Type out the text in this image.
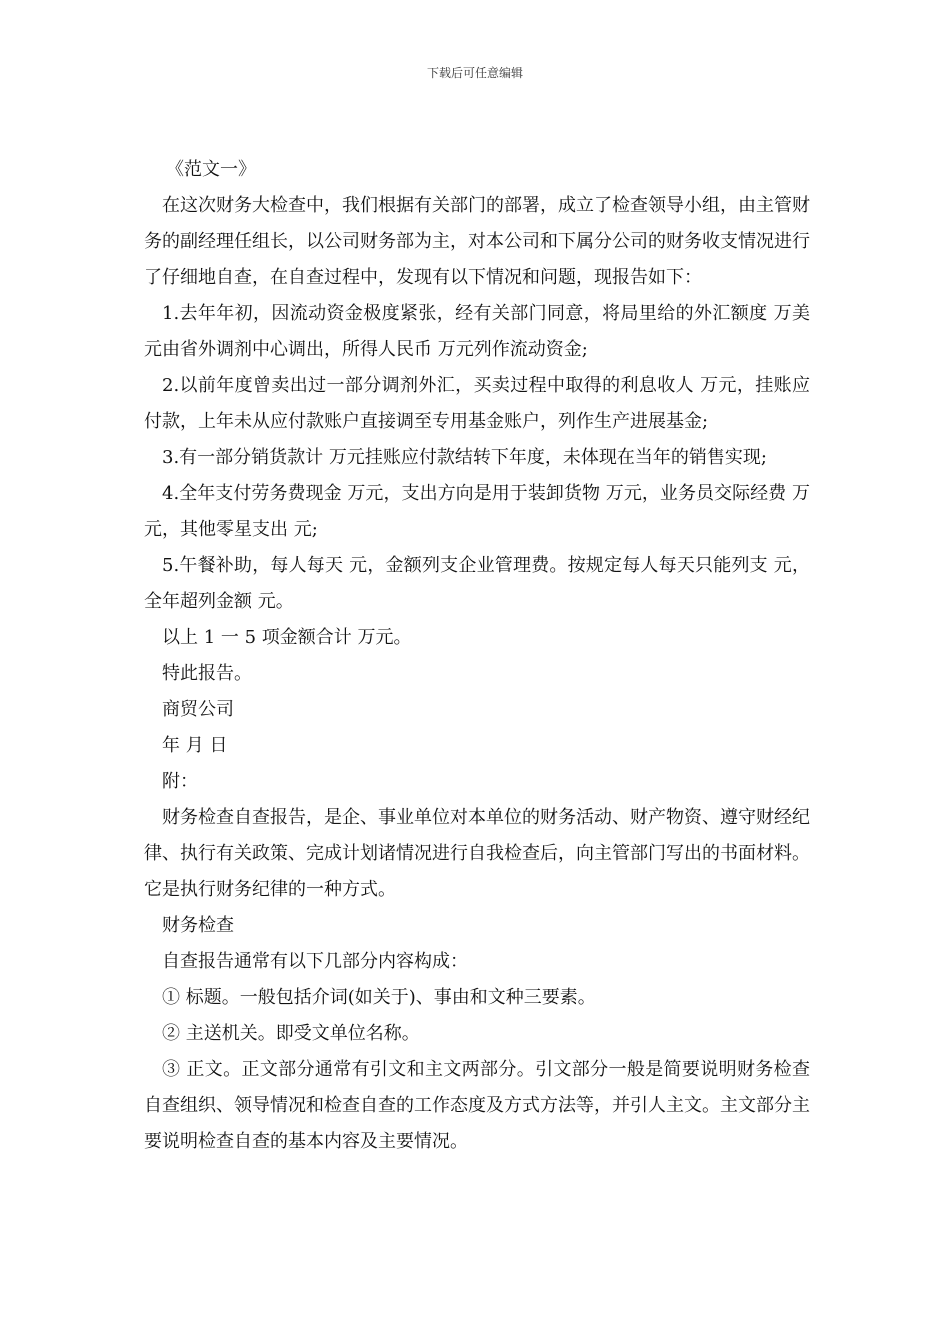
下载后可任意编辑

《范文一》

在这次财务大检查中，我们根据有关部门的部署，成立了检查领导小组，由主管财务的副经理任组长，以公司财务部为主，对本公司和下属分公司的财务收支情况进行了仔细地自查，在自查过程中，发现有以下情况和问题，现报告如下：

1.去年年初，因流动资金极度紧张，经有关部门同意，将局里给的外汇额度 万美元由省外调剂中心调出，所得人民币 万元列作流动资金;

2.以前年度曾卖出过一部分调剂外汇，买卖过程中取得的利息收人 万元，挂账应付款，上年未从应付款账户直接调至专用基金账户，列作生产进展基金;

3.有一部分销货款计 万元挂账应付款结转下年度，未体现在当年的销售实现;

4.全年支付劳务费现金 万元，支出方向是用于装卸货物 万元，业务员交际经费 万元，其他零星支出 元;

5.午餐补助，每人每天 元，金额列支企业管理费。按规定每人每天只能列支 元，全年超列金额 元。

以上 1 一 5 项金额合计 万元。

特此报告。

商贸公司

年 月 日

附：

财务检查自查报告，是企、事业单位对本单位的财务活动、财产物资、遵守财经纪律、执行有关政策、完成计划诸情况进行自我检查后，向主管部门写出的书面材料。它是执行财务纪律的一种方式。

财务检查

自查报告通常有以下几部分内容构成：

① 标题。一般包括介词(如关于)、事由和文种三要素。

② 主送机关。即受文单位名称。

③ 正文。正文部分通常有引文和主文两部分。引文部分一般是简要说明财务检查自查组织、领导情况和检查自查的工作态度及方式方法等，并引人主文。主文部分主要说明检查自查的基本内容及主要情况。
